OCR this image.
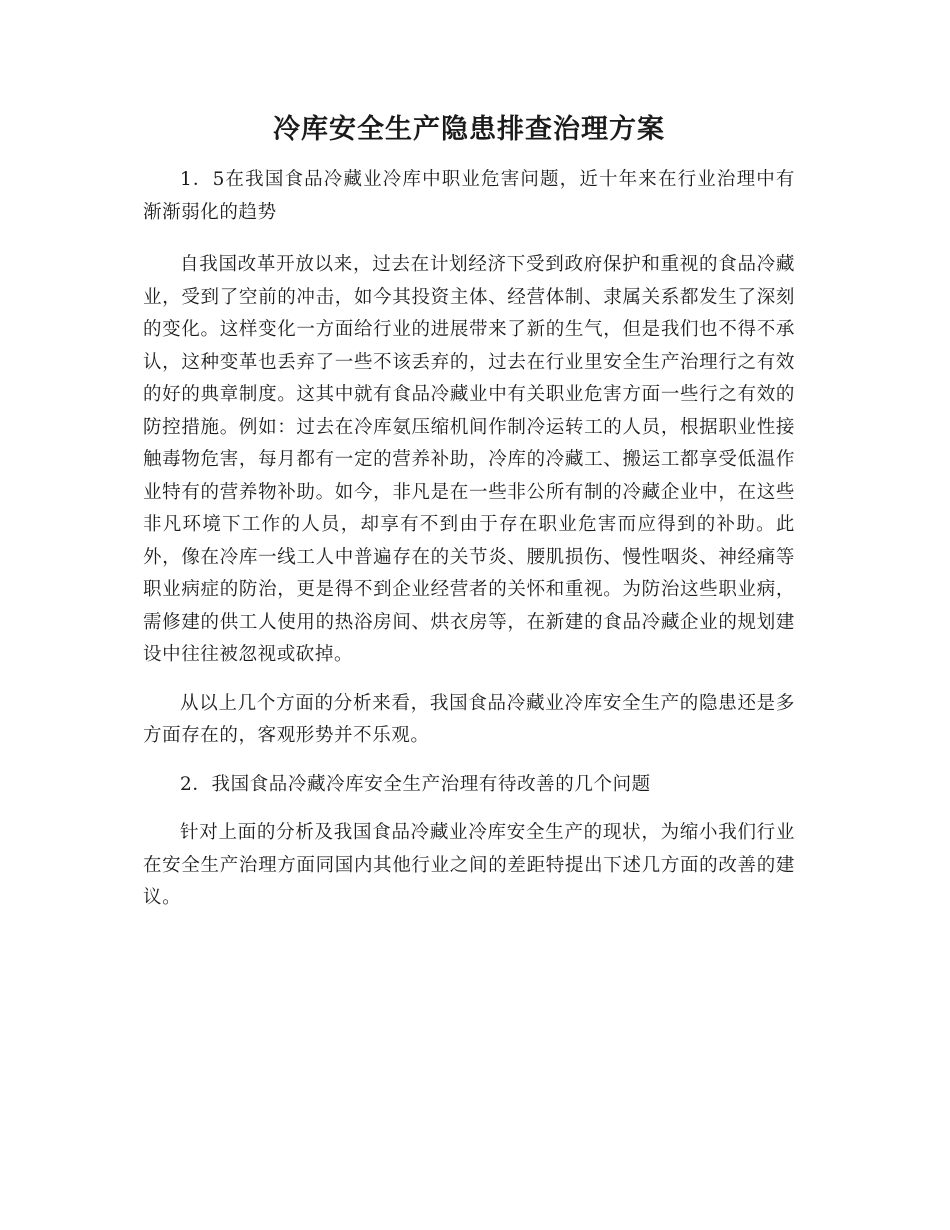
冷库安全生产隐患排查治理方案

1．5在我国食品冷藏业冷库中职业危害问题，近十年来在行业治理中有渐渐弱化的趋势

自我国改革开放以来，过去在计划经济下受到政府保护和重视的食品冷藏业，受到了空前的冲击，如今其投资主体、经营体制、隶属关系都发生了深刻的变化。这样变化一方面给行业的进展带来了新的生气，但是我们也不得不承认，这种变革也丢弃了一些不该丢弃的，过去在行业里安全生产治理行之有效的好的典章制度。这其中就有食品冷藏业中有关职业危害方面一些行之有效的防控措施。例如：过去在冷库氨压缩机间作制冷运转工的人员，根据职业性接触毒物危害，每月都有一定的营养补助，冷库的冷藏工、搬运工都享受低温作业特有的营养物补助。如今，非凡是在一些非公所有制的冷藏企业中，在这些非凡环境下工作的人员，却享有不到由于存在职业危害而应得到的补助。此外，像在冷库一线工人中普遍存在的关节炎、腰肌损伤、慢性咽炎、神经痛等职业病症的防治，更是得不到企业经营者的关怀和重视。为防治这些职业病，需修建的供工人使用的热浴房间、烘衣房等，在新建的食品冷藏企业的规划建设中往往被忽视或砍掉。

从以上几个方面的分析来看，我国食品冷藏业冷库安全生产的隐患还是多方面存在的，客观形势并不乐观。

2．我国食品冷藏冷库安全生产治理有待改善的几个问题

针对上面的分析及我国食品冷藏业冷库安全生产的现状，为缩小我们行业在安全生产治理方面同国内其他行业之间的差距特提出下述几方面的改善的建议。
